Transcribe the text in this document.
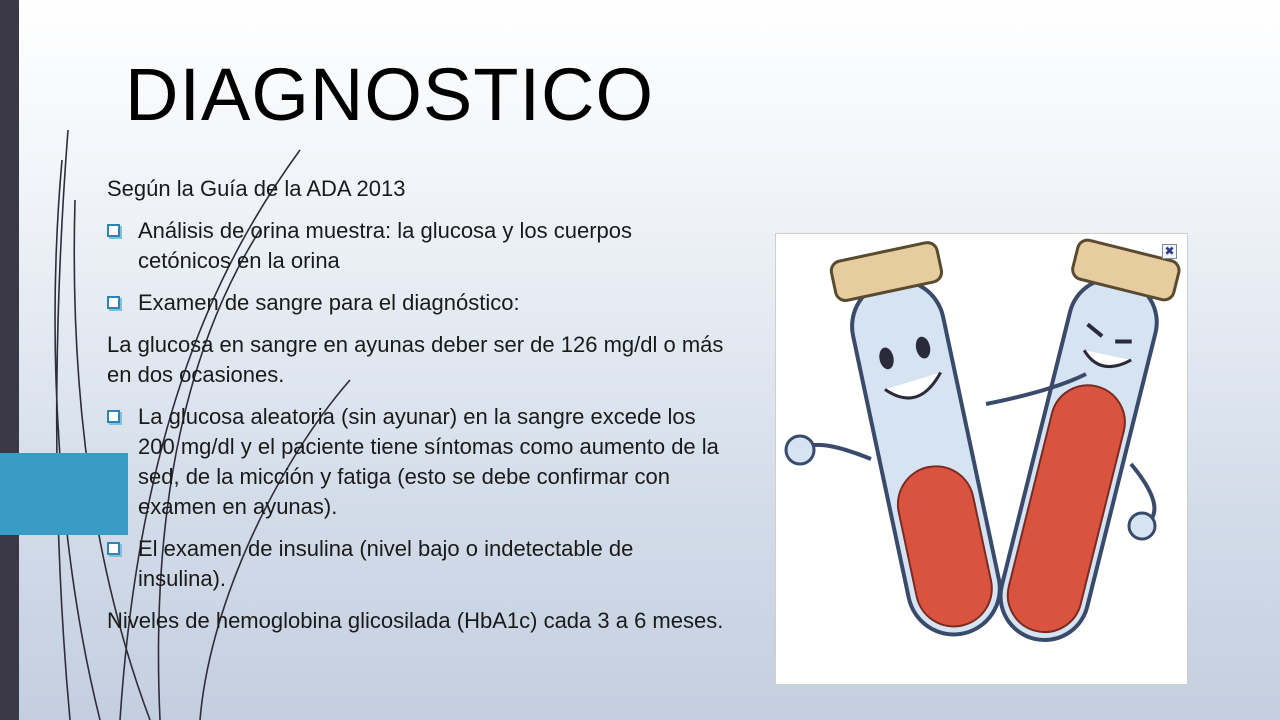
DIAGNOSTICO

Según la Guía de la ADA 2013

Análisis de orina muestra: la glucosa y los cuerpos cetónicos en la orina
Examen de sangre para el diagnóstico:

La glucosa en sangre en ayunas deber ser de 126 mg/dl o más en dos ocasiones.

La glucosa aleatoria (sin ayunar) en la sangre excede los 200 mg/dl y el paciente tiene síntomas como aumento de la sed, de la micción y fatiga (esto se debe confirmar con examen en ayunas).
El examen de insulina (nivel bajo o indetectable de insulina).

Niveles de hemoglobina glicosilada (HbA1c) cada 3 a 6 meses.

✖
